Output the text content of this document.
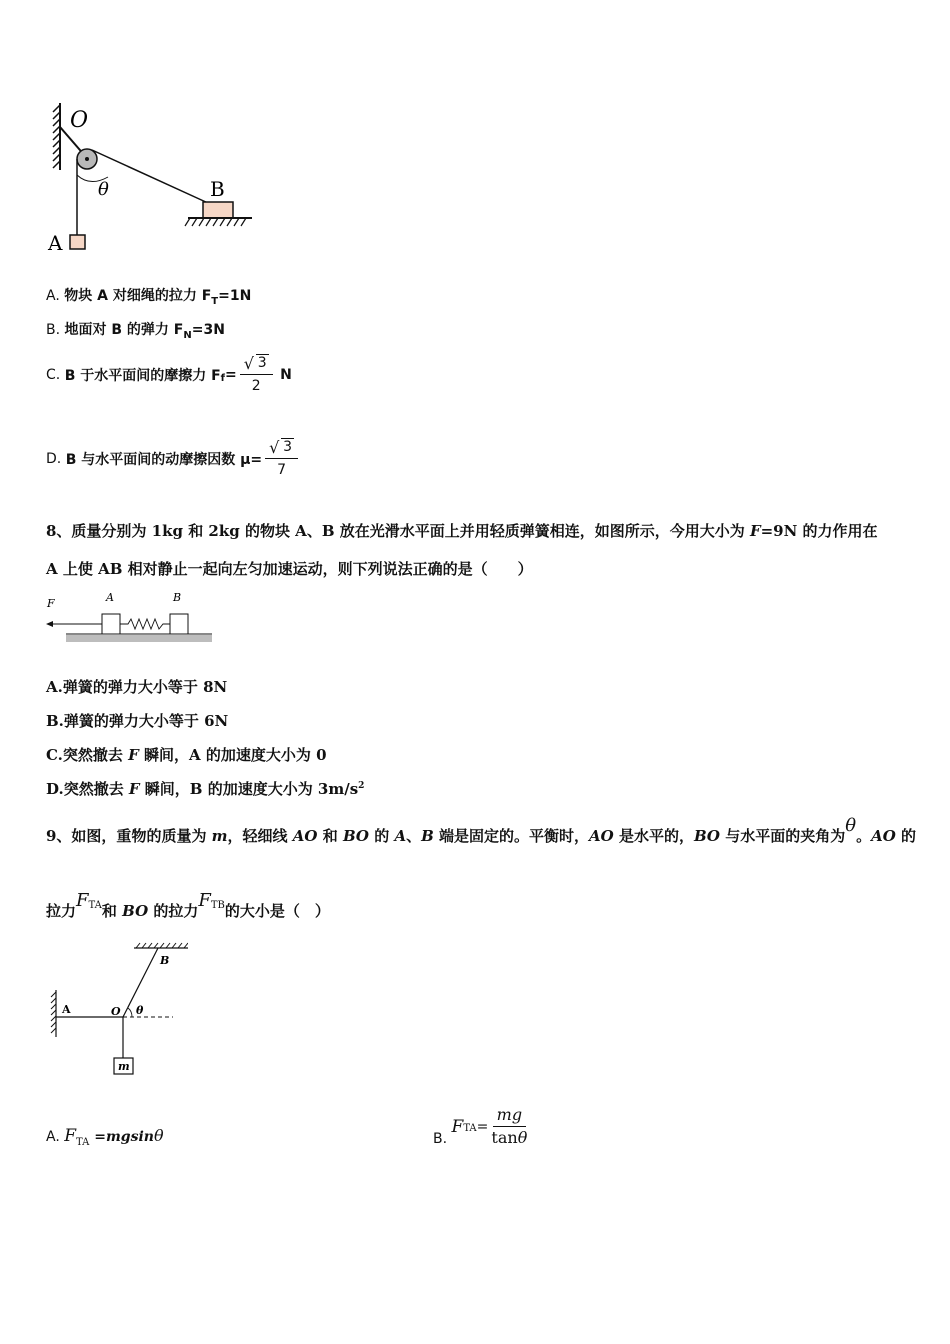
O
θ	B
A
A. 物块 A 对细绳的拉力 $F_T=1N$
B. 地面对 B 的弹力 $F_N=3N$
C.
B 于水平面间的摩擦力 F $_f = \frac{√ 3}{2}$
N
D.
B 与水平面间的动摩擦因数 $\mu= \frac{√ 3}{7}$
8、质量分别为 1kg 和 2kg 的物块 A、B 放在光滑水平面上并用轻质弹簧相连，如图所示，今用大小为 F=9N 的力作用在
A 上使 AB 相对静止一起向左匀加速运动，则下列说法正确的是（　　）
F	A	B
A.弹簧的弹力大小等于 8N
B.弹簧的弹力大小等于 6N
C.突然撤去 F 瞬间，A 的加速度大小为 0
D.突然撤去 F 瞬间，B 的加速度大小为 $3m/s^2$
9、如图，重物的质量为 m，轻细线 AO 和 BO 的 A、B 端是固定的。平衡时，AO 是水平的，BO 与水平面的夹角为θ。AO 的
拉力$F_{TA}$和 BO 的拉力$F_{TB}$的大小是（　）
B
A	O θ
m
A. $F_{TA} =mgsin\theta$	B.

$F_{TA} = \frac{mg}{\tan\theta}$
